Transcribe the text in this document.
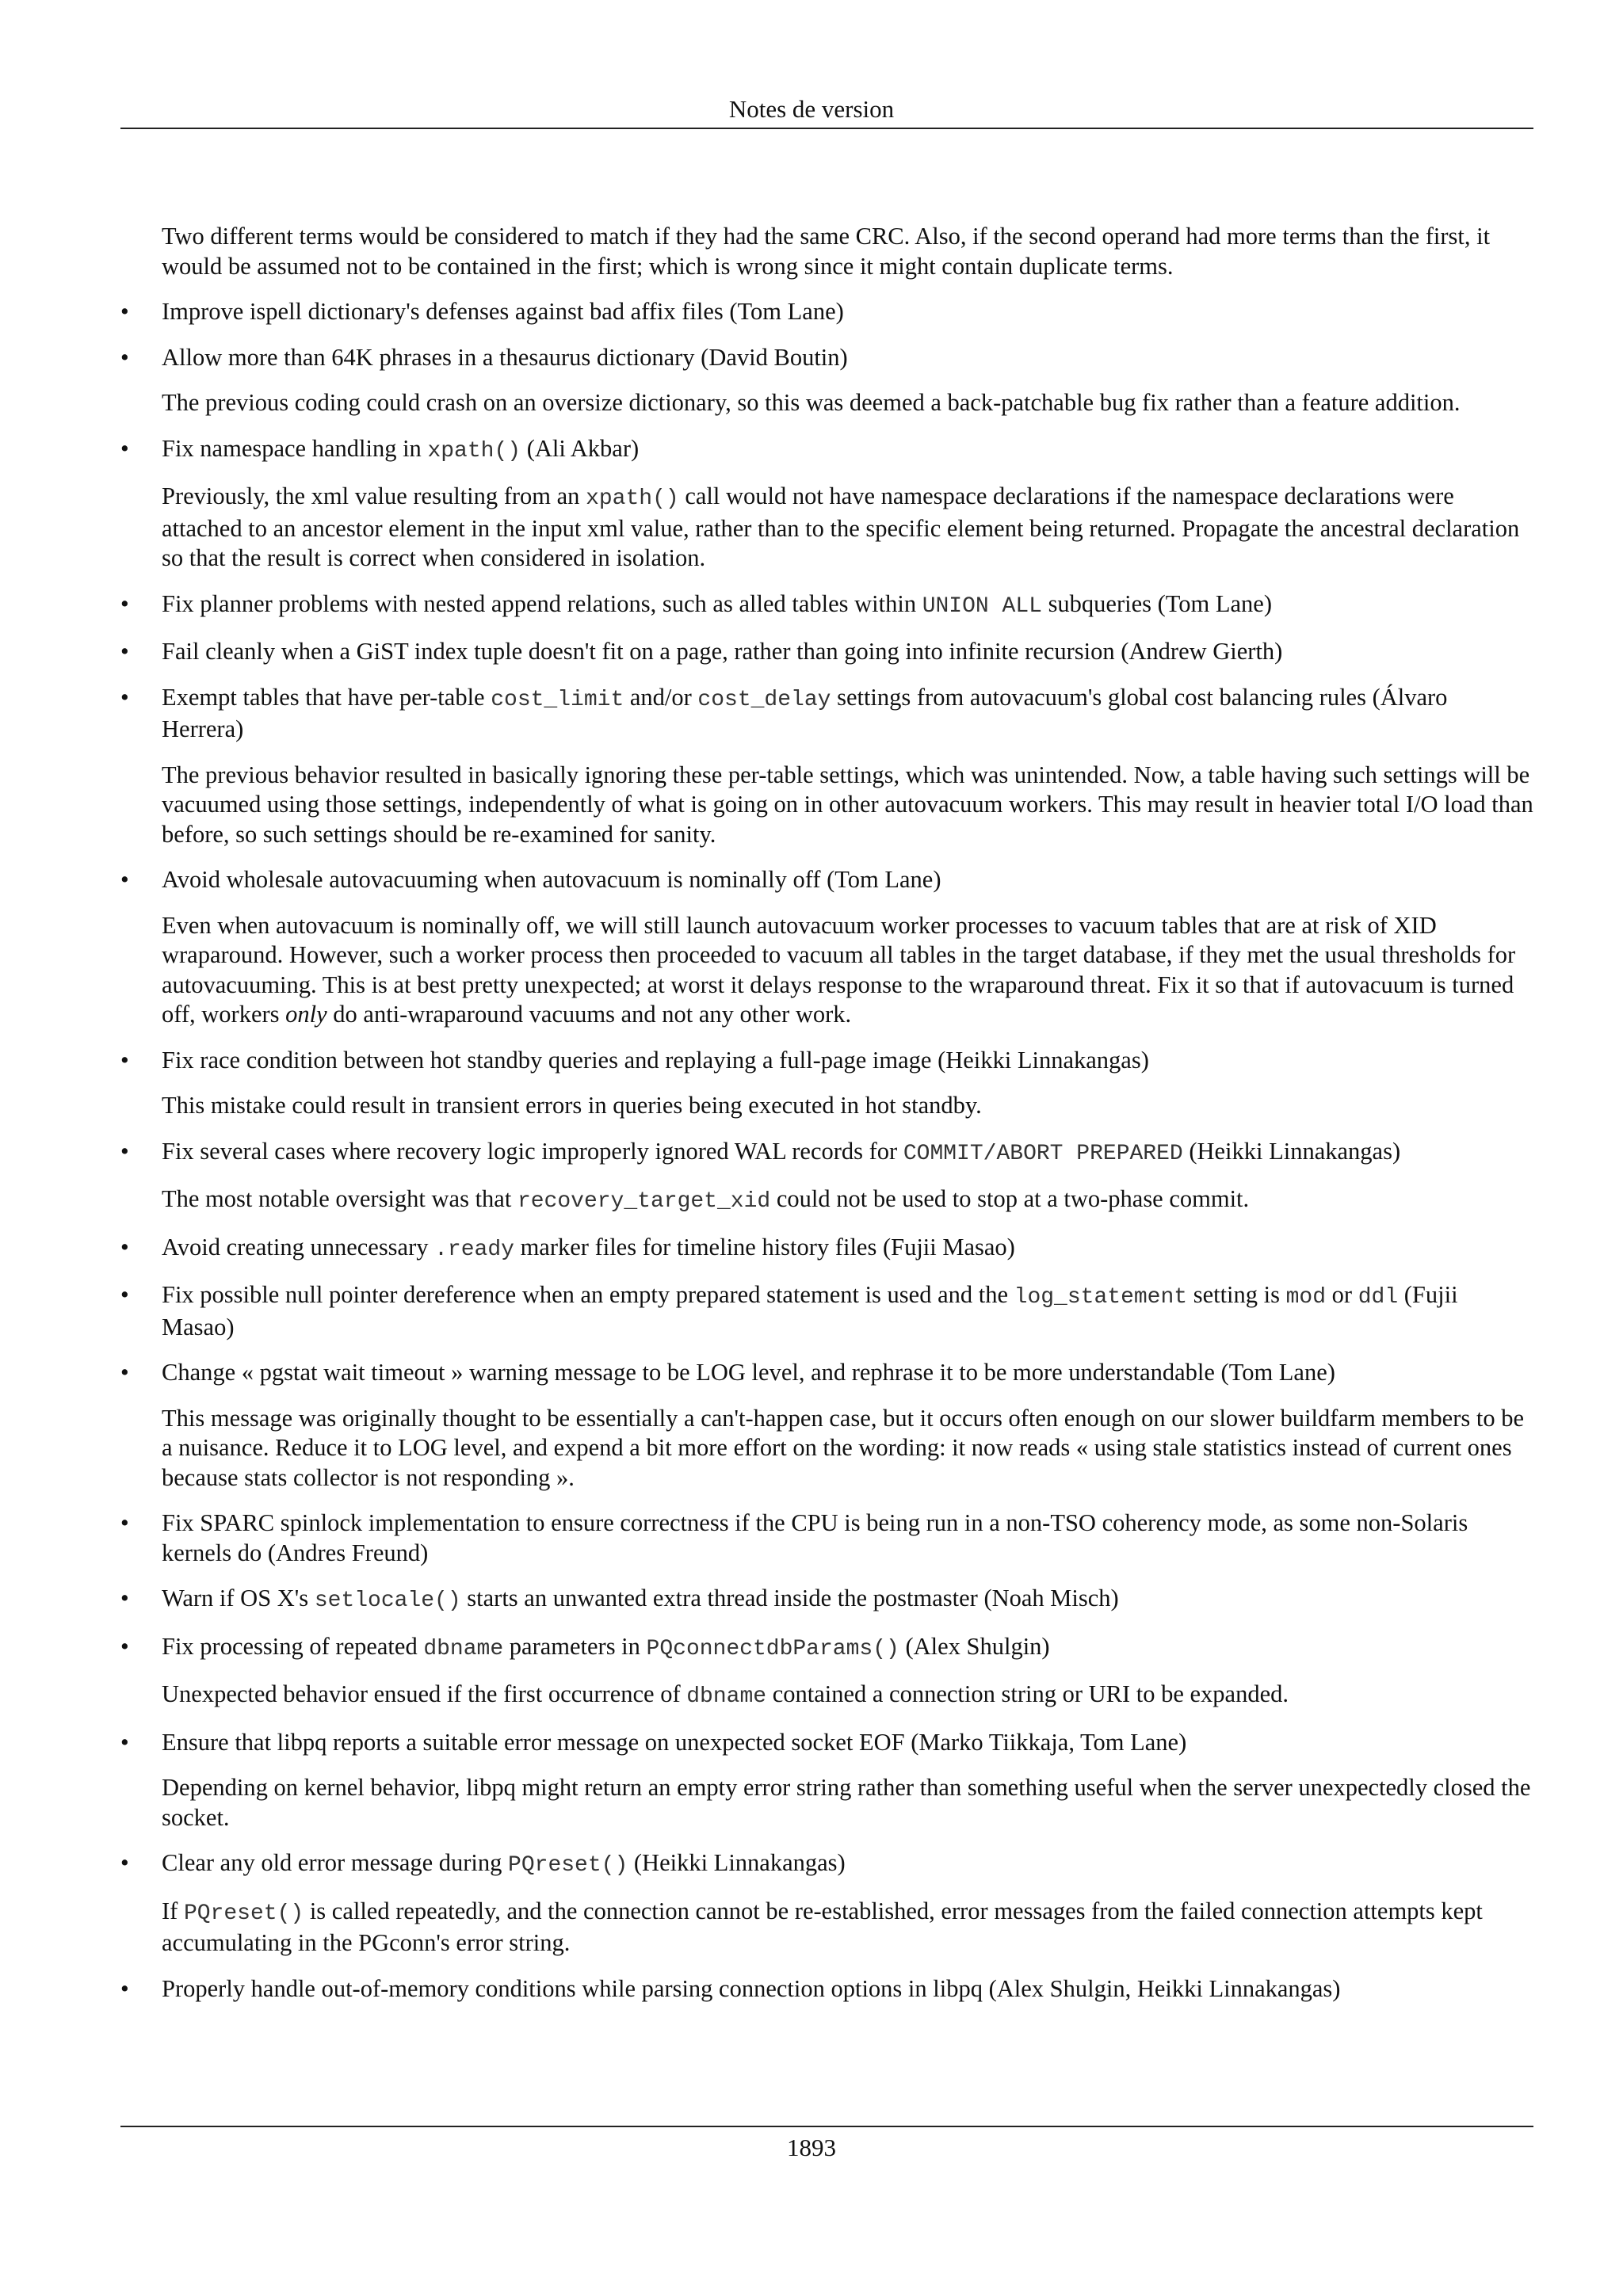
Notes de version

Two different terms would be considered to match if they had the same CRC. Also, if the second operand had more terms than the first, it would be assumed not to be contained in the first; which is wrong since it might contain duplicate terms.

• Improve ispell dictionary's defenses against bad affix files (Tom Lane)
• Allow more than 64K phrases in a thesaurus dictionary (David Boutin)

The previous coding could crash on an oversize dictionary, so this was deemed a back-patchable bug fix rather than a feature addition.

• Fix namespace handling in xpath() (Ali Akbar)

Previously, the xml value resulting from an xpath() call would not have namespace declarations if the namespace declarations were attached to an ancestor element in the input xml value, rather than to the specific element being returned. Propagate the ancestral declaration so that the result is correct when considered in isolation.

• Fix planner problems with nested append relations, such as alled tables within UNION ALL subqueries (Tom Lane)
• Fail cleanly when a GiST index tuple doesn't fit on a page, rather than going into infinite recursion (Andrew Gierth)
• Exempt tables that have per-table cost_limit and/or cost_delay settings from autovacuum's global cost balancing rules (Álvaro Herrera)

The previous behavior resulted in basically ignoring these per-table settings, which was unintended. Now, a table having such settings will be vacuumed using those settings, independently of what is going on in other autovacuum workers. This may result in heavier total I/O load than before, so such settings should be re-examined for sanity.

• Avoid wholesale autovacuuming when autovacuum is nominally off (Tom Lane)

Even when autovacuum is nominally off, we will still launch autovacuum worker processes to vacuum tables that are at risk of XID wraparound. However, such a worker process then proceeded to vacuum all tables in the target database, if they met the usual thresholds for autovacuuming. This is at best pretty unexpected; at worst it delays response to the wraparound threat. Fix it so that if autovacuum is turned off, workers only do anti-wraparound vacuums and not any other work.

• Fix race condition between hot standby queries and replaying a full-page image (Heikki Linnakangas)

This mistake could result in transient errors in queries being executed in hot standby.

• Fix several cases where recovery logic improperly ignored WAL records for COMMIT/ABORT PREPARED (Heikki Linnakangas)

The most notable oversight was that recovery_target_xid could not be used to stop at a two-phase commit.

• Avoid creating unnecessary .ready marker files for timeline history files (Fujii Masao)
• Fix possible null pointer dereference when an empty prepared statement is used and the log_statement setting is mod or ddl (Fujii Masao)
• Change « pgstat wait timeout » warning message to be LOG level, and rephrase it to be more understandable (Tom Lane)

This message was originally thought to be essentially a can't-happen case, but it occurs often enough on our slower buildfarm members to be a nuisance. Reduce it to LOG level, and expend a bit more effort on the wording: it now reads « using stale statistics instead of current ones because stats collector is not responding ».

• Fix SPARC spinlock implementation to ensure correctness if the CPU is being run in a non-TSO coherency mode, as some non-Solaris kernels do (Andres Freund)
• Warn if OS X's setlocale() starts an unwanted extra thread inside the postmaster (Noah Misch)
• Fix processing of repeated dbname parameters in PQconnectdbParams() (Alex Shulgin)

Unexpected behavior ensued if the first occurrence of dbname contained a connection string or URI to be expanded.

• Ensure that libpq reports a suitable error message on unexpected socket EOF (Marko Tiikkaja, Tom Lane)

Depending on kernel behavior, libpq might return an empty error string rather than something useful when the server unexpectedly closed the socket.

• Clear any old error message during PQreset() (Heikki Linnakangas)

If PQreset() is called repeatedly, and the connection cannot be re-established, error messages from the failed connection attempts kept accumulating in the PGconn's error string.

• Properly handle out-of-memory conditions while parsing connection options in libpq (Alex Shulgin, Heikki Linnakangas)
1893
